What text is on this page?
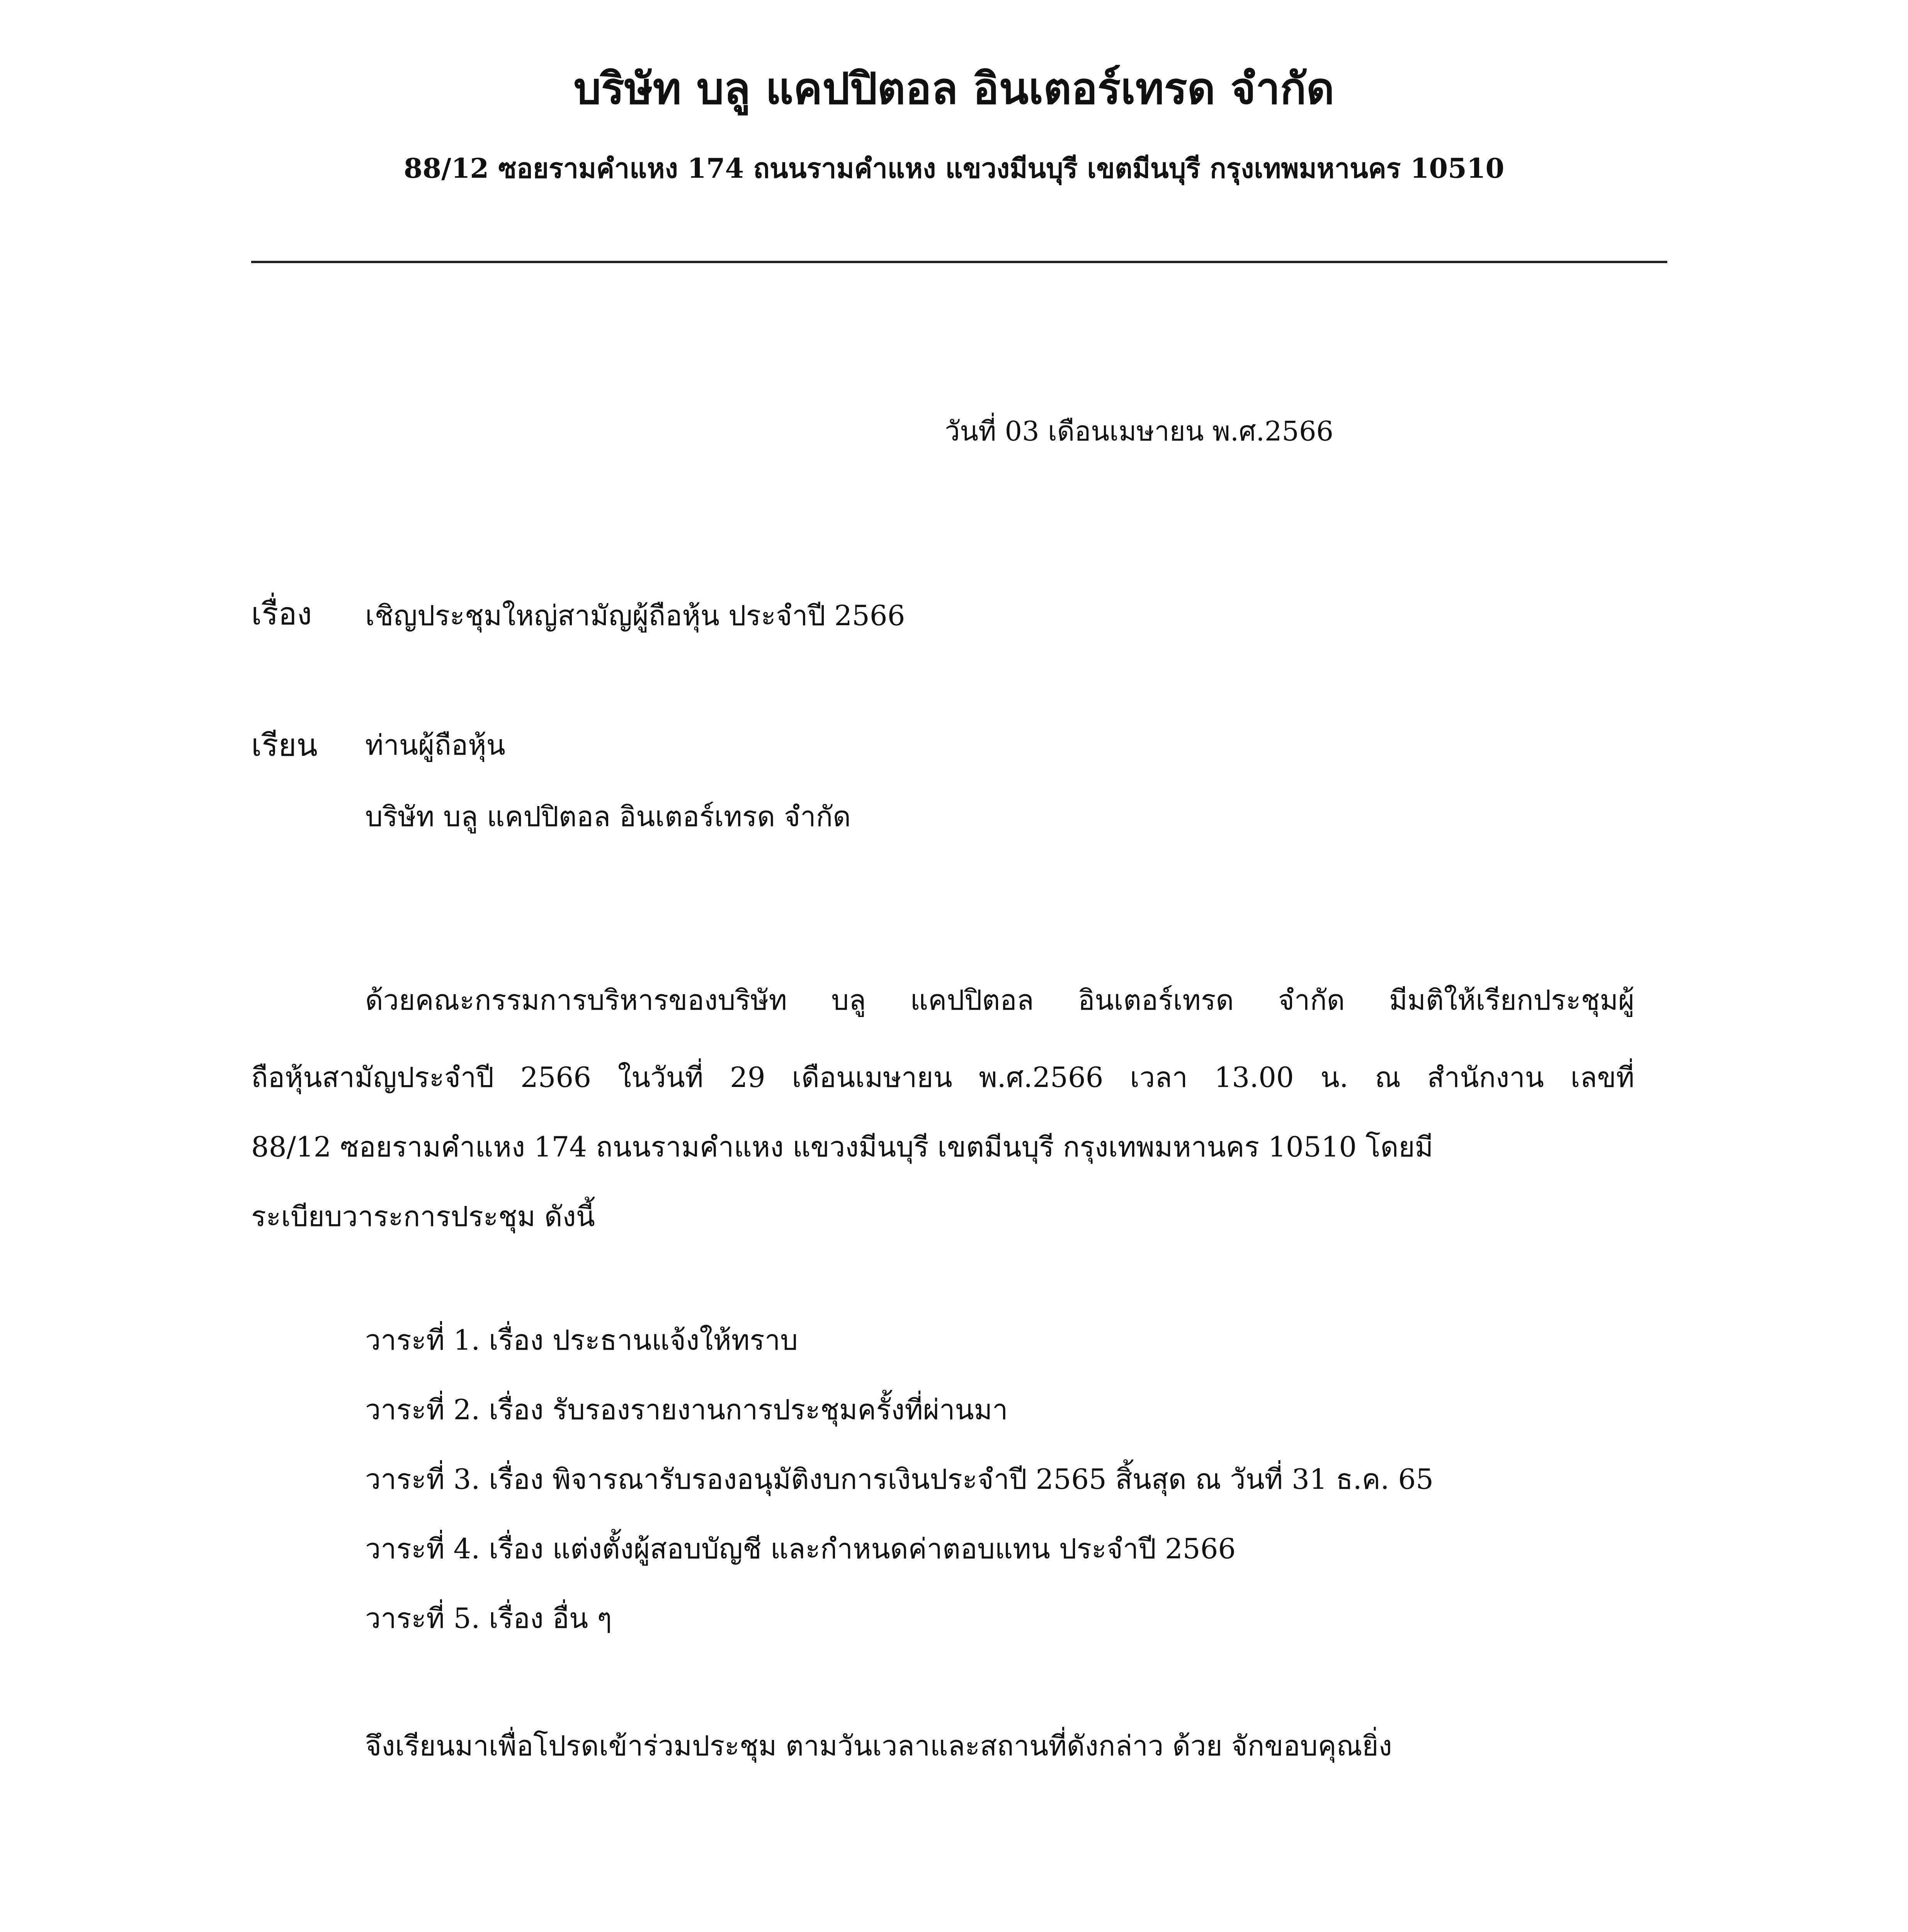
บริษัท บลู แคปปิตอล อินเตอร์เทรด จำกัด
88/12 ซอยรามคำแหง 174 ถนนรามคำแหง แขวงมีนบุรี เขตมีนบุรี กรุงเทพมหานคร 10510
วันที่ 03 เดือนเมษายน พ.ศ.2566
เรื่อง เชิญประชุมใหญ่สามัญผู้ถือหุ้น ประจำปี 2566
เรียน ท่านผู้ถือหุ้น
บริษัท บลู แคปปิตอล อินเตอร์เทรด จำกัด
ด้วยคณะกรรมการบริหารของบริษัท บลู แคปปิตอล อินเตอร์เทรด จำกัด มีมติให้เรียกประชุมผู้
ถือหุ้นสามัญประจำปี 2566 ในวันที่ 29 เดือนเมษายน พ.ศ.2566 เวลา 13.00 น. ณ สำนักงาน เลขที่
88/12 ซอยรามคำแหง 174 ถนนรามคำแหง แขวงมีนบุรี เขตมีนบุรี กรุงเทพมหานคร 10510 โดยมี
ระเบียบวาระการประชุม ดังนี้
วาระที่ 1. เรื่อง ประธานแจ้งให้ทราบ
วาระที่ 2. เรื่อง รับรองรายงานการประชุมครั้งที่ผ่านมา
วาระที่ 3. เรื่อง พิจารณารับรองอนุมัติงบการเงินประจำปี 2565 สิ้นสุด ณ วันที่ 31 ธ.ค. 65
วาระที่ 4. เรื่อง แต่งตั้งผู้สอบบัญชี และกำหนดค่าตอบแทน ประจำปี 2566
วาระที่ 5. เรื่อง อื่น ๆ
จึงเรียนมาเพื่อโปรดเข้าร่วมประชุม ตามวันเวลาและสถานที่ดังกล่าว ด้วย จักขอบคุณยิ่ง
